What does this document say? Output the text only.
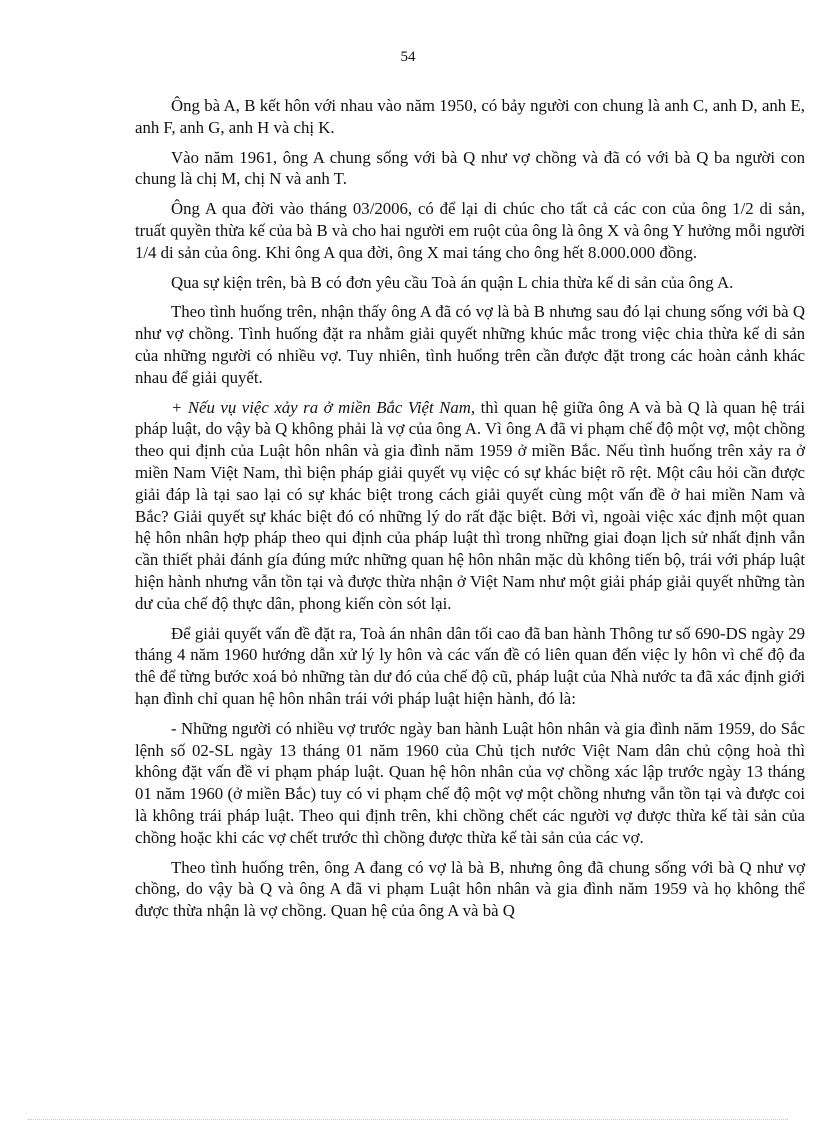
54

Ông bà A, B kết hôn với nhau vào năm 1950, có bảy người con chung là anh C, anh D, anh E, anh F, anh G, anh H và chị K.

Vào năm 1961, ông A chung sống với bà Q như vợ chồng và đã có với bà Q ba người con chung là chị M, chị N và anh T.

Ông A qua đời vào tháng 03/2006, có để lại di chúc cho tất cả các con của ông 1/2 di sản, truất quyền thừa kế của bà B và cho hai người em ruột của ông là ông X và ông Y hưởng mỗi người 1/4 di sản của ông. Khi ông A qua đời, ông X mai táng cho ông hết 8.000.000 đồng.

Qua sự kiện trên, bà B có đơn yêu cầu Toà án quận L chia thừa kế di sản của ông A.

Theo tình huống trên, nhận thấy ông A đã có vợ là bà B nhưng sau đó lại chung sống với bà Q như vợ chồng. Tình huống đặt ra nhằm giải quyết những khúc mắc trong việc chia thừa kế di sản của những người có nhiều vợ. Tuy nhiên, tình huống trên cần được đặt trong các hoàn cảnh khác nhau để giải quyết.

+ Nếu vụ việc xảy ra ở miền Bắc Việt Nam, thì quan hệ giữa ông A và bà Q là quan hệ trái pháp luật, do vậy bà Q không phải là vợ của ông A. Vì ông A đã vi phạm chế độ một vợ, một chồng theo qui định của Luật hôn nhân và gia đình năm 1959 ở miền Bắc. Nếu tình huống trên xảy ra ở miền Nam Việt Nam, thì biện pháp giải quyết vụ việc có sự khác biệt rõ rệt. Một câu hỏi cần được giải đáp là tại sao lại có sự khác biệt trong cách giải quyết cùng một vấn đề ở hai miền Nam và Bắc? Giải quyết sự khác biệt đó có những lý do rất đặc biệt. Bởi vì, ngoài việc xác định một quan hệ hôn nhân hợp pháp theo qui định của pháp luật thì trong những giai đoạn lịch sử nhất định vẫn cần thiết phải đánh gía đúng mức những quan hệ hôn nhân mặc dù không tiến bộ, trái với pháp luật hiện hành nhưng vẫn tồn tại và được thừa nhận ở Việt Nam như một giải pháp giải quyết những tàn dư của chế độ thực dân, phong kiến còn sót lại.

Để giải quyết vấn đề đặt ra, Toà án nhân dân tối cao đã ban hành Thông tư số 690-DS ngày 29 tháng 4 năm 1960 hướng dẫn xử lý ly hôn và các vấn đề có liên quan đến việc ly hôn vì chế độ đa thê để từng bước xoá bỏ những tàn dư đó của chế độ cũ, pháp luật của Nhà nước ta đã xác định giới hạn đình chỉ quan hệ hôn nhân trái với pháp luật hiện hành, đó là:

- Những người có nhiều vợ trước ngày ban hành Luật hôn nhân và gia đình năm 1959, do Sắc lệnh số 02-SL ngày 13 tháng 01 năm 1960 của Chủ tịch nước Việt Nam dân chủ cộng hoà thì không đặt vấn đề vi phạm pháp luật. Quan hệ hôn nhân của vợ chồng xác lập trước ngày 13 tháng 01 năm 1960 (ở miền Bắc) tuy có vi phạm chế độ một vợ một chồng nhưng vẫn tồn tại và được coi là không trái pháp luật. Theo qui định trên, khi chồng chết các người vợ được thừa kế tài sản của chồng hoặc khi các vợ chết trước thì chồng được thừa kế tài sản của các vợ.

Theo tình huống trên, ông A đang có vợ là bà B, nhưng ông đã chung sống với bà Q như vợ chồng, do vậy bà Q và ông A đã vi phạm Luật hôn nhân và gia đình năm 1959 và họ không thể được thừa nhận là vợ chồng. Quan hệ của ông A và bà Q
